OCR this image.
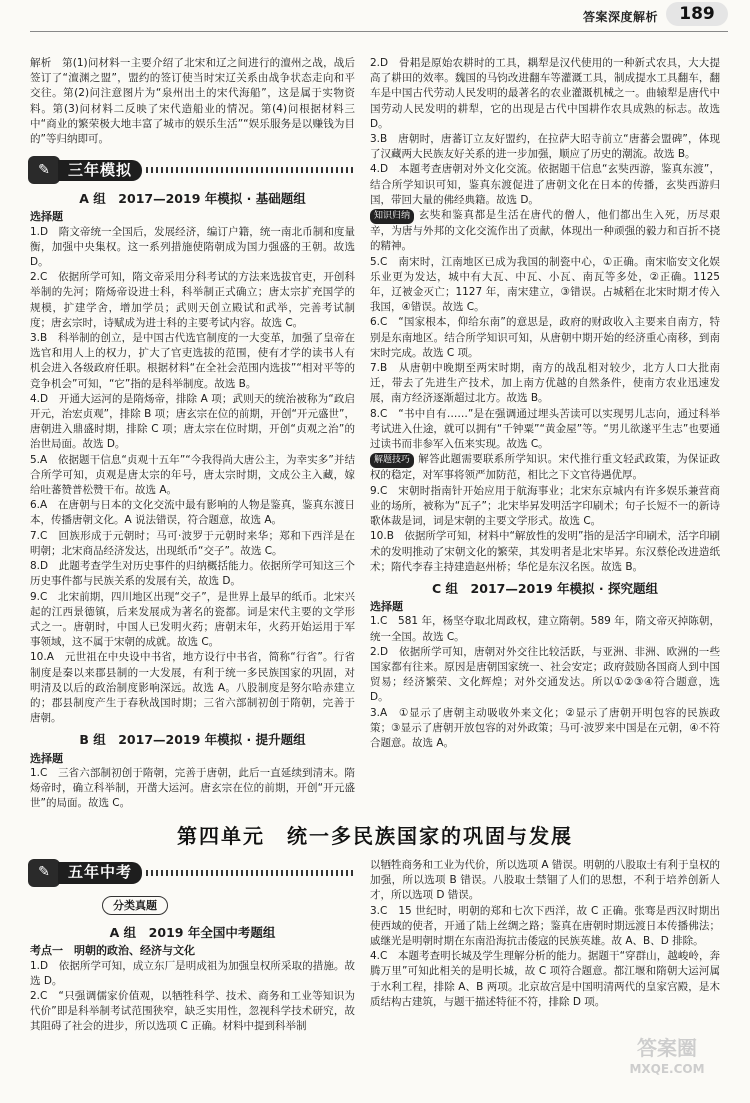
答案深度解析	189

解析　第(1)问材料一主要介绍了北宋和辽之间进行的澶州之战，战后签订了“澶渊之盟”，盟约的签订使当时宋辽关系由战争状态走向和平交往。第(2)问注意图片为“泉州出土的宋代海船”，这是属于实物资料。第(3)问材料二反映了宋代造船业的情况。第(4)问根据材料三中“商业的繁荣极大地丰富了城市的娱乐生活”“娱乐服务是以赚钱为目的”等归纳即可。

✎	三年模拟
A 组　2017—2019 年模拟 · 基础题组
选择题

1.D　隋文帝统一全国后，发展经济，编订户籍，统一南北币制和度量衡，加强中央集权。这一系列措施使隋朝成为国力强盛的王朝。故选 D。

2.C　依据所学可知，隋文帝采用分科考试的方法来选拔官吏，开创科举制的先河；隋炀帝设进士科，科举制正式确立；唐太宗扩充国学的规模，扩建学舍，增加学员；武则天创立殿试和武举，完善考试制度；唐玄宗时，诗赋成为进士科的主要考试内容。故选 C。

3.B　科举制的创立，是中国古代选官制度的一大变革，加强了皇帝在选官和用人上的权力，扩大了官吏选拔的范围，使有才学的读书人有机会进入各级政府任职。根据材料“在全社会范围内选拔”“相对平等的竞争机会”可知，“它”指的是科举制度。故选 B。

4.D　开通大运河的是隋炀帝，排除 A 项；武则天的统治被称为“政启开元，治宏贞观”，排除 B 项；唐玄宗在位的前期，开创“开元盛世”，唐朝进入鼎盛时期，排除 C 项；唐太宗在位时期，开创“贞观之治”的治世局面。故选 D。

5.A　依据题干信息“贞观十五年”“今我得尚大唐公主，为幸实多”并结合所学可知，贞观是唐太宗的年号，唐太宗时期，文成公主入藏，嫁给吐蕃赞普松赞干布。故选 A。

6.A　在唐朝与日本的文化交流中最有影响的人物是鉴真，鉴真东渡日本，传播唐朝文化。A 说法错误，符合题意，故选 A。

7.C　回族形成于元朝时；马可·波罗于元朝时来华；郑和下西洋是在明朝；北宋商品经济发达，出现纸币“交子”。故选 C。

8.D　此题考查学生对历史事件的归纳概括能力。依据所学可知这三个历史事件都与民族关系的发展有关，故选 D。

9.C　北宋前期，四川地区出现“交子”，是世界上最早的纸币。北宋兴起的江西景德镇，后来发展成为著名的瓷都。词是宋代主要的文学形式之一。唐朝时，中国人已发明火药；唐朝末年，火药开始运用于军事领域，这不属于宋朝的成就。故选 C。

10.A　元世祖在中央设中书省，地方设行中书省，简称“行省”。行省制度是秦以来郡县制的一大发展，有利于统一多民族国家的巩固，对明清及以后的政治制度影响深远。故选 A。八股制度是努尔哈赤建立的；郡县制度产生于春秋战国时期；三省六部制初创于隋朝，完善于唐朝。

B 组　2017—2019 年模拟 · 提升题组
选择题

1.C　三省六部制初创于隋朝，完善于唐朝，此后一直延续到清末。隋炀帝时，确立科举制，开凿大运河。唐玄宗在位的前期，开创“开元盛世”的局面。故选 C。

2.D　骨耜是原始农耕时的工具，耦犁是汉代使用的一种新式农具，大大提高了耕田的效率。魏国的马钧改进翻车等灌溉工具，制成提水工具翻车，翻车是中国古代劳动人民发明的最著名的农业灌溉机械之一。曲辕犁是唐代中国劳动人民发明的耕犁，它的出现是古代中国耕作农具成熟的标志。故选 D。

3.B　唐朝时，唐蕃订立友好盟约，在拉萨大昭寺前立“唐蕃会盟碑”，体现了汉藏两大民族友好关系的进一步加强，顺应了历史的潮流。故选 B。

4.D　本题考查唐朝对外文化交流。依据题干信息“玄奘西游，鉴真东渡”，结合所学知识可知，鉴真东渡促进了唐朝文化在日本的传播，玄奘西游归国，带回大量的佛经典籍。故选 D。

知识归纳 玄奘和鉴真都是生活在唐代的僧人，他们都出生入死，历尽艰辛，为唐与外邦的文化交流作出了贡献，体现出一种顽强的毅力和百折不挠的精神。

5.C　南宋时，江南地区已成为我国的制瓷中心，①正确。南宋临安文化娱乐业更为发达，城中有大瓦、中瓦、小瓦、南瓦等多处，②正确。1125 年，辽被金灭亡；1127 年，南宋建立，③错误。占城稻在北宋时期才传入我国，④错误。故选 C。

6.C　“国家根本，仰给东南”的意思是，政府的财政收入主要来自南方，特别是东南地区。结合所学知识可知，从唐朝中期开始的经济重心南移，到南宋时完成。故选 C 项。

7.B　从唐朝中晚期至两宋时期，南方的战乱相对较少，北方人口大批南迁，带去了先进生产技术，加上南方优越的自然条件，使南方农业迅速发展，南方经济逐渐超过北方。故选 B。

8.C　“书中自有……”是在强调通过埋头苦读可以实现男儿志向，通过科举考试进入仕途，就可以拥有“千钟粟”“黄金屋”等。“男儿欲遂平生志”也要通过读书而非参军入伍来实现。故选 C。

解题技巧 解答此题需要联系所学知识。宋代推行重文轻武政策，为保证政权的稳定，对军事将领严加防范，相比之下文官待遇优厚。

9.C　宋朝时指南针开始应用于航海事业；北宋东京城内有许多娱乐兼营商业的场所，被称为“瓦子”；北宋毕昇发明活字印刷术；句子长短不一的新诗歌体裁是词，词是宋朝的主要文学形式。故选 C。

10.B　依据所学可知，材料中“解放性的发明”指的是活字印刷术，活字印刷术的发明推动了宋朝文化的繁荣，其发明者是北宋毕昇。东汉蔡伦改进造纸术；隋代李春主持建造赵州桥；华佗是东汉名医。故选 B。

C 组　2017—2019 年模拟 · 探究题组
选择题

1.C　581 年，杨坚夺取北周政权，建立隋朝。589 年，隋文帝灭掉陈朝，统一全国。故选 C。

2.D　依据所学可知，唐朝对外交往比较活跃，与亚洲、非洲、欧洲的一些国家都有往来。原因是唐朝国家统一、社会安定；政府鼓励各国商人到中国贸易；经济繁荣、文化辉煌；对外交通发达。所以①②③④符合题意，选 D。

3.A　①显示了唐朝主动吸收外来文化；②显示了唐朝开明包容的民族政策；③显示了唐朝开放包容的对外政策；马可·波罗来中国是在元朝，④不符合题意。故选 A。

第四单元　统一多民族国家的巩固与发展
✎	五年中考
分类真题
A 组　2019 年全国中考题组
考点一　明朝的政治、经济与文化

1.D　依据所学可知，成立东厂是明成祖为加强皇权所采取的措施。故选 D。

2.C　“只强调儒家价值观，以牺牲科学、技术、商务和工业等知识为代价”即是科举制考试范围狭窄，缺乏实用性，忽视科学技术研究，故其阻碍了社会的进步，所以选项 C 正确。材料中提到科举制

以牺牲商务和工业为代价，所以选项 A 错误。明朝的八股取士有利于皇权的加强，所以选项 B 错误。八股取士禁锢了人们的思想，不利于培养创新人才，所以选项 D 错误。

3.C　15 世纪时，明朝的郑和七次下西洋，故 C 正确。张骞是西汉时期出使西域的使者，开通了陆上丝绸之路；鉴真在唐朝时期远渡日本传播佛法；戚继光是明朝时期在东南沿海抗击倭寇的民族英雄。故 A、B、D 排除。

4.C　本题考查明长城及学生理解分析的能力。据题干“穿群山，越峻岭，奔腾万里”可知此相关的是明长城，故 C 项符合题意。都江堰和隋朝大运河属于水利工程，排除 A、B 两项。北京故宫是中国明清两代的皇家宫殿，是木质结构古建筑，与题干描述特征不符，排除 D 项。

答案圈
MXQE.COM
